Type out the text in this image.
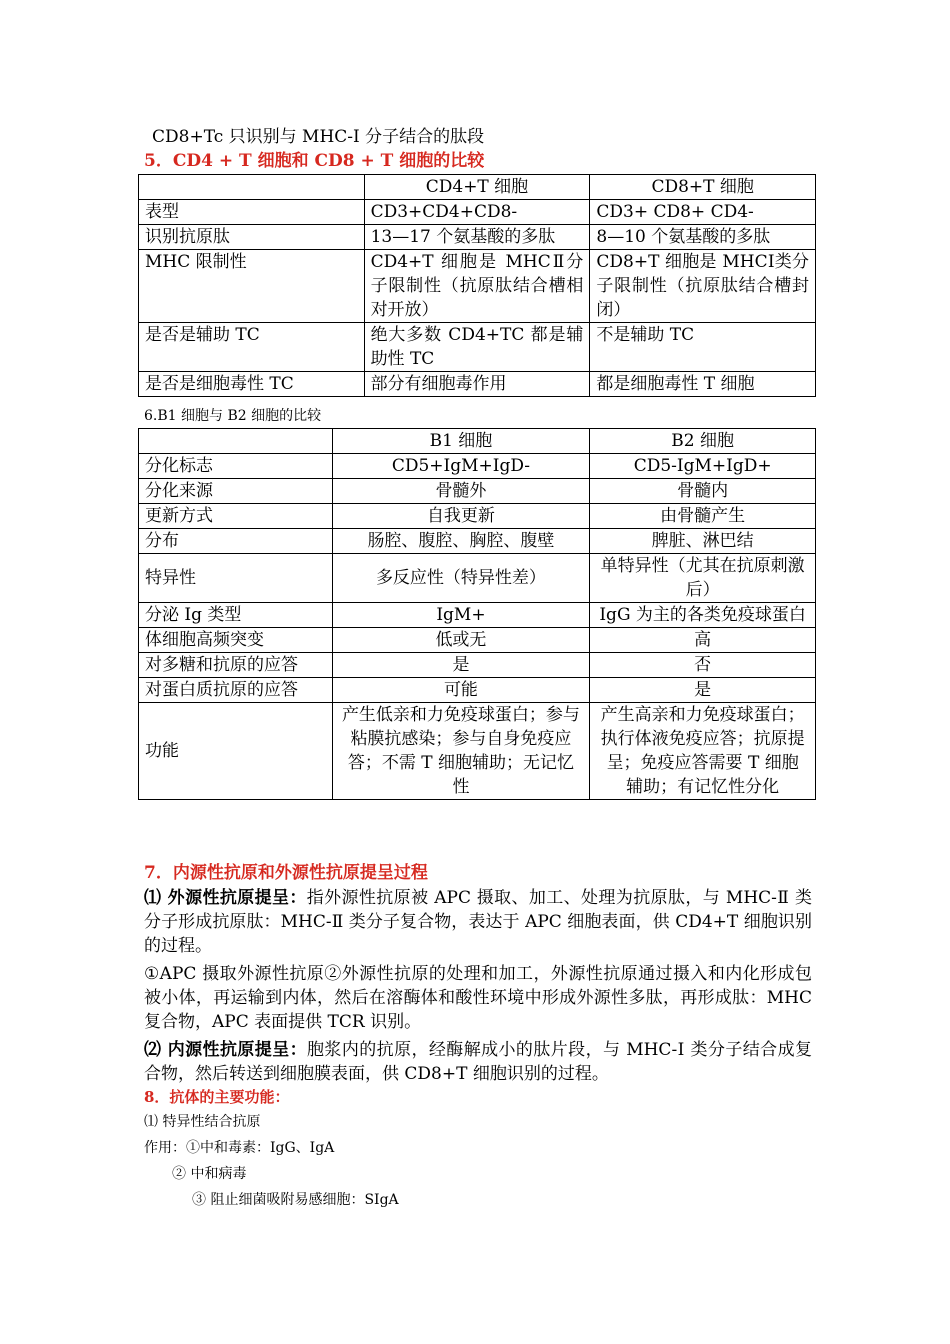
CD8+Tc 只识别与 MHC-I 分子结合的肽段
5．CD4 + T 细胞和 CD8 + T 细胞的比较
	CD4+T 细胞	CD8+T 细胞
表型	CD3+CD4+CD8-	CD3+ CD8+ CD4-
识别抗原肽	13—17 个氨基酸的多肽	8—10 个氨基酸的多肽
MHC 限制性	CD4+T 细胞是 MHCⅡ分子限制性（抗原肽结合槽相对开放）	CD8+T 细胞是 MHCⅠ类分子限制性（抗原肽结合槽封闭）
是否是辅助 TC	绝大多数 CD4+TC 都是辅助性 TC	不是辅助 TC
是否是细胞毒性 TC	部分有细胞毒作用	都是细胞毒性 T 细胞
6.B1 细胞与 B2 细胞的比较
	B1 细胞	B2 细胞
分化标志	CD5+IgM+IgD-	CD5-IgM+IgD+
分化来源	骨髓外	骨髓内
更新方式	自我更新	由骨髓产生
分布	肠腔、腹腔、胸腔、腹壁	脾脏、淋巴结
特异性	多反应性（特异性差）	单特异性（尤其在抗原刺激后）
分泌 Ig 类型	IgM+	IgG 为主的各类免疫球蛋白
体细胞高频突变	低或无	高
对多糖和抗原的应答	是	否
对蛋白质抗原的应答	可能	是
功能	产生低亲和力免疫球蛋白；参与粘膜抗感染；参与自身免疫应答；不需 T 细胞辅助；无记忆性	产生高亲和力免疫球蛋白；执行体液免疫应答；抗原提呈；免疫应答需要 T 细胞辅助；有记忆性分化
7．内源性抗原和外源性抗原提呈过程
⑴ 外源性抗原提呈：指外源性抗原被 APC 摄取、加工、处理为抗原肽，与 MHC-Ⅱ 类分子形成抗原肽：MHC-Ⅱ 类分子复合物，表达于 APC 细胞表面，供 CD4+T 细胞识别的过程。
①APC 摄取外源性抗原②外源性抗原的处理和加工，外源性抗原通过摄入和内化形成包被小体，再运输到内体，然后在溶酶体和酸性环境中形成外源性多肽，再形成肽：MHC 复合物，APC 表面提供 TCR 识别。
⑵ 内源性抗原提呈：胞浆内的抗原，经酶解成小的肽片段，与 MHC-Ⅰ 类分子结合成复合物，然后转送到细胞膜表面，供 CD8+T 细胞识别的过程。
8．抗体的主要功能：
⑴ 特异性结合抗原
作用：①中和毒素：IgG、IgA
② 中和病毒
③ 阻止细菌吸附易感细胞：SIgA
